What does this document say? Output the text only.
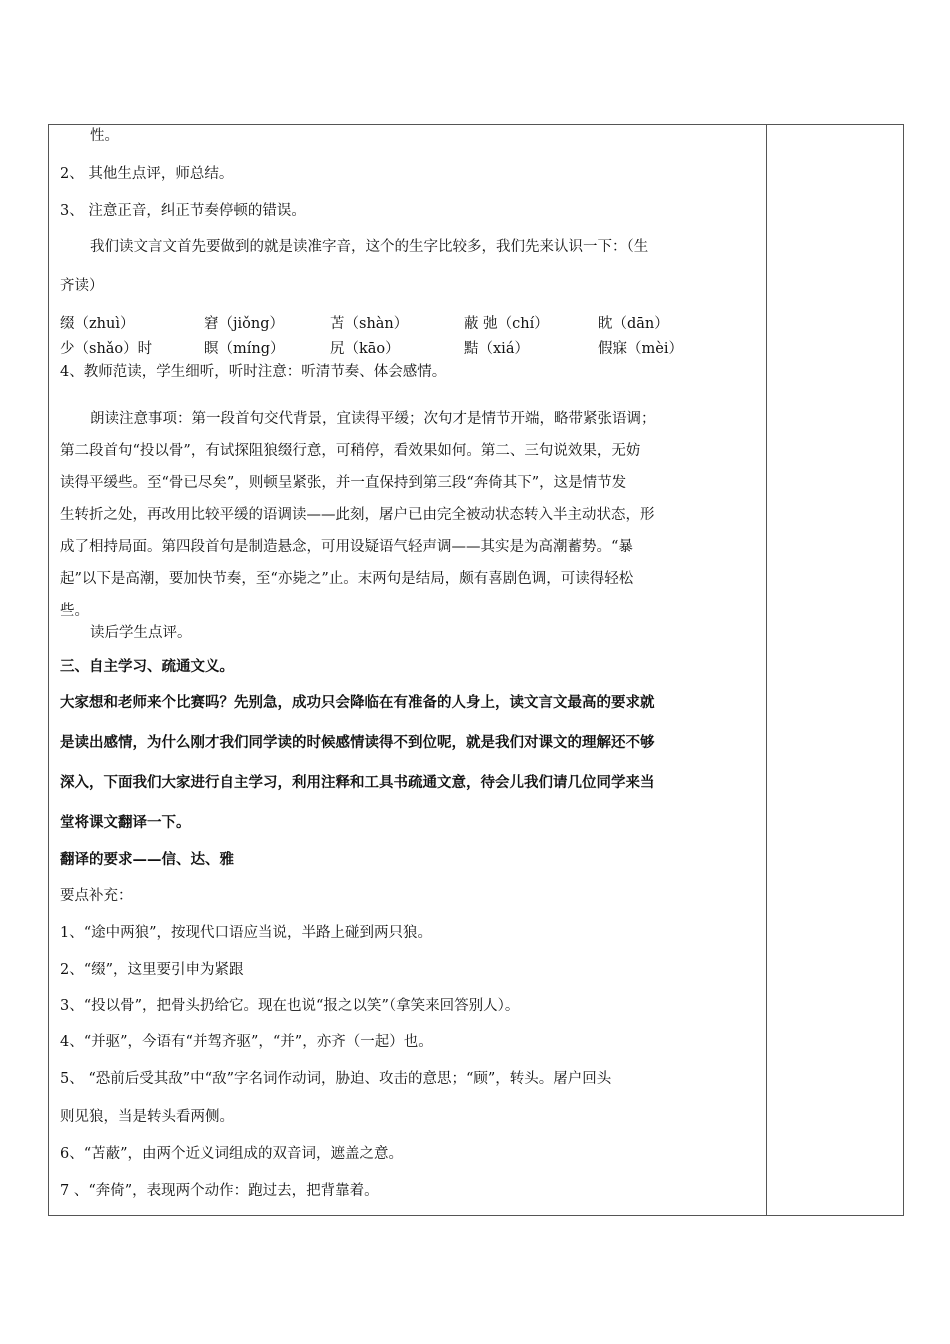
性。
2、 其他生点评，师总结。
3、 注意正音，纠正节奏停顿的错误。
我们读文言文首先要做到的就是读准字音，这个的生字比较多，我们先来认识一下：（生
齐读）
缀（zhuì）	窘（jiǒng）	苫（shàn）	蔽 弛（chí）	眈（dān）
少（shǎo）时	瞑（míng）	尻（kāo）	黠（xiá）	假寐（mèi）
4、教师范读，学生细听，听时注意：听清节奏、体会感情。
朗读注意事项：第一段首句交代背景，宜读得平缓；次句才是情节开端，略带紧张语调；
第二段首句“投以骨”，有试探阻狼缀行意，可稍停，看效果如何。第二、三句说效果，无妨
读得平缓些。至“骨已尽矣”，则顿呈紧张，并一直保持到第三段“奔倚其下”，这是情节发
生转折之处，再改用比较平缓的语调读——此刻，屠户已由完全被动状态转入半主动状态，形
成了相持局面。第四段首句是制造悬念，可用设疑语气轻声调——其实是为高潮蓄势。“暴
起”以下是高潮，要加快节奏，至“亦毙之”止。末两句是结局，颇有喜剧色调，可读得轻松
些。
读后学生点评。
三、自主学习、疏通文义。
大家想和老师来个比赛吗？先别急，成功只会降临在有准备的人身上，读文言文最高的要求就
是读出感情，为什么刚才我们同学读的时候感情读得不到位呢，就是我们对课文的理解还不够
深入，下面我们大家进行自主学习，利用注释和工具书疏通文意，待会儿我们请几位同学来当
堂将课文翻译一下。
翻译的要求——信、达、雅
要点补充：
1、“途中两狼”，按现代口语应当说，半路上碰到两只狼。
2、“缀”，这里要引申为紧跟
3、“投以骨”，把骨头扔给它。现在也说“报之以笑”（拿笑来回答别人）。
4、“并驱”，今语有“并驾齐驱”，“并”，亦齐（一起）也。
5、 “恐前后受其敌”中“敌”字名词作动词，胁迫、攻击的意思；“顾”，转头。屠户回头
则见狼，当是转头看两侧。
6、“苫蔽”，由两个近义词组成的双音词，遮盖之意。
7 、“奔倚”，表现两个动作：跑过去，把背靠着。
